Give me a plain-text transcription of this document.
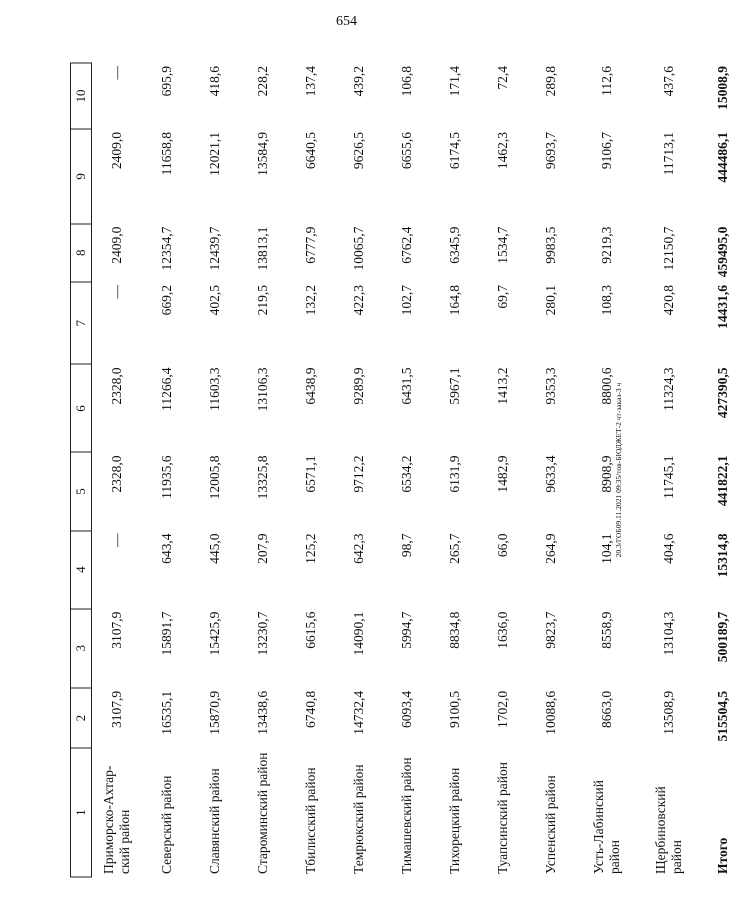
654
20.3/ГОБ09.11.2021 09:35/тов-БЮДЖЕТ-2 чт-заказ-3 ч
1	2	3	4	5	6	7	8	9	10
Приморско-Ахтар-ский район	3107,9	3107,9	—	2328,0	2328,0	—	2409,0	2409,0	—
Северский район	16535,1	15891,7	643,4	11935,6	11266,4	669,2	12354,7	11658,8	695,9
Славянский район	15870,9	15425,9	445,0	12005,8	11603,3	402,5	12439,7	12021,1	418,6
Староминский район	13438,6	13230,7	207,9	13325,8	13106,3	219,5	13813,1	13584,9	228,2
Тбилисский район	6740,8	6615,6	125,2	6571,1	6438,9	132,2	6777,9	6640,5	137,4
Темрюкский район	14732,4	14090,1	642,3	9712,2	9289,9	422,3	10065,7	9626,5	439,2
Тимашевский район	6093,4	5994,7	98,7	6534,2	6431,5	102,7	6762,4	6655,6	106,8
Тихорецкий район	9100,5	8834,8	265,7	6131,9	5967,1	164,8	6345,9	6174,5	171,4
Туапсинский район	1702,0	1636,0	66,0	1482,9	1413,2	69,7	1534,7	1462,3	72,4
Успенский район	10088,6	9823,7	264,9	9633,4	9353,3	280,1	9983,5	9693,7	289,8
Усть-Лабинский район	8663,0	8558,9	104,1	8908,9	8800,6	108,3	9219,3	9106,7	112,6
Щербиновский район	13508,9	13104,3	404,6	11745,1	11324,3	420,8	12150,7	11713,1	437,6
Итого	515504,5	500189,7	15314,8	441822,1	427390,5	14431,6	459495,0	444486,1	15008,9
